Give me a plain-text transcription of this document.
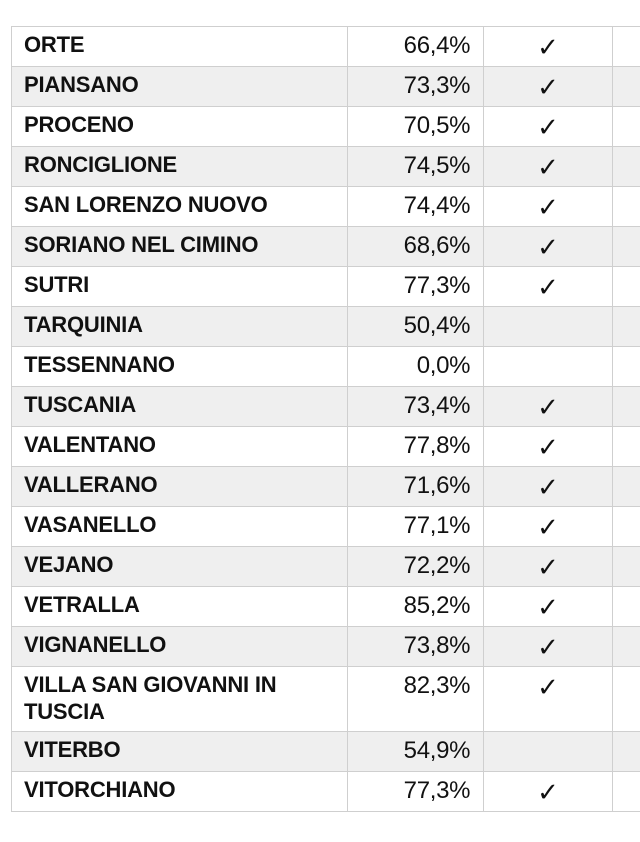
ORTE	66,4%	✓	
PIANSANO	73,3%	✓	
PROCENO	70,5%	✓	
RONCIGLIONE	74,5%	✓	
SAN LORENZO NUOVO	74,4%	✓	
SORIANO NEL CIMINO	68,6%	✓	
SUTRI	77,3%	✓	
TARQUINIA	50,4%		
TESSENNANO	0,0%		
TUSCANIA	73,4%	✓	
VALENTANO	77,8%	✓	
VALLERANO	71,6%	✓	
VASANELLO	77,1%	✓	
VEJANO	72,2%	✓	
VETRALLA	85,2%	✓	
VIGNANELLO	73,8%	✓	
VILLA SAN GIOVANNI IN TUSCIA	82,3%	✓	
VITERBO	54,9%		
VITORCHIANO	77,3%	✓	
